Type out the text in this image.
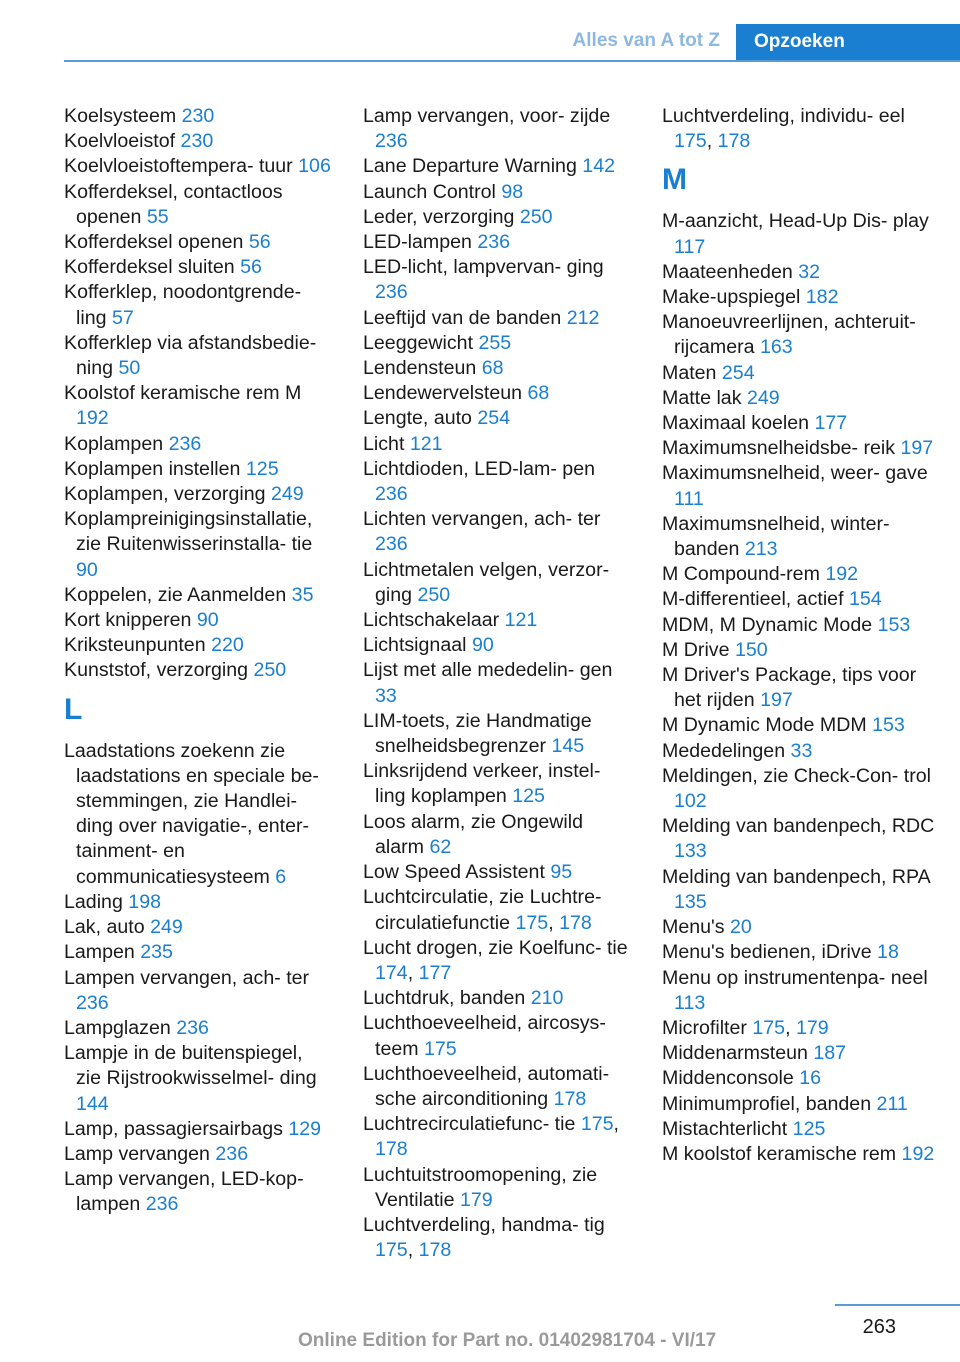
Alles van A tot Z	Opzoeken
Koelsysteem 230
Koelvloeistof 230
Koelvloeistoftempera‐ tuur 106
Kofferdeksel, contactloos openen 55
Kofferdeksel openen 56
Kofferdeksel sluiten 56
Kofferklep, noodontgrende‐ ling 57
Kofferklep via afstandsbedie‐ ning 50
Koolstof keramische rem M 192
Koplampen 236
Koplampen instellen 125
Koplampen, verzorging 249
Koplampreinigingsinstallatie, zie Ruitenwisserinstalla‐ tie 90
Koppelen, zie Aanmelden 35
Kort knipperen 90
Kriksteunpunten 220
Kunststof, verzorging 250
L
Laadstations zoekenn zie laadstations en speciale be‐ stemmingen, zie Handlei‐ ding over navigatie-, enter‐ tainment- en communicatiesysteem 6
Lading 198
Lak, auto 249
Lampen 235
Lampen vervangen, ach‐ ter 236
Lampglazen 236
Lampje in de buitenspiegel, zie Rijstrookwisselmel‐ ding 144
Lamp, passagiersairbags 129
Lamp vervangen 236
Lamp vervangen, LED-kop‐ lampen 236
Lamp vervangen, voor‐ zijde 236
Lane Departure Warning 142
Launch Control 98
Leder, verzorging 250
LED-lampen 236
LED-licht, lampvervan‐ ging 236
Leeftijd van de banden 212
Leeggewicht 255
Lendensteun 68
Lendewervelsteun 68
Lengte, auto 254
Licht 121
Lichtdioden, LED-lam‐ pen 236
Lichten vervangen, ach‐ ter 236
Lichtmetalen velgen, verzor‐ ging 250
Lichtschakelaar 121
Lichtsignaal 90
Lijst met alle mededelin‐ gen 33
LIM-toets, zie Handmatige snelheidsbegrenzer 145
Linksrijdend verkeer, instel‐ ling koplampen 125
Loos alarm, zie Ongewild alarm 62
Low Speed Assistent 95
Luchtcirculatie, zie Luchtre‐ circulatiefunctie 175, 178
Lucht drogen, zie Koelfunc‐ tie 174, 177
Luchtdruk, banden 210
Luchthoeveelheid, aircosys‐ teem 175
Luchthoeveelheid, automati‐ sche airconditioning 178
Luchtrecirculatiefunc‐ tie 175, 178
Luchtuitstroomopening, zie Ventilatie 179
Luchtverdeling, handma‐ tig 175, 178
Luchtverdeling, individu‐ eel 175, 178
M
M-aanzicht, Head-Up Dis‐ play 117
Maateenheden 32
Make-upspiegel 182
Manoeuvreerlijnen, achteruit‐ rijcamera 163
Maten 254
Matte lak 249
Maximaal koelen 177
Maximumsnelheidsbe‐ reik 197
Maximumsnelheid, weer‐ gave 111
Maximumsnelheid, winter‐ banden 213
M Compound-rem 192
M-differentieel, actief 154
MDM, M Dynamic Mode 153
M Drive 150
M Driver's Package, tips voor het rijden 197
M Dynamic Mode MDM 153
Mededelingen 33
Meldingen, zie Check-Con‐ trol 102
Melding van bandenpech, RDC 133
Melding van bandenpech, RPA 135
Menu's 20
Menu's bedienen, iDrive 18
Menu op instrumentenpa‐ neel 113
Microfilter 175, 179
Middenarmsteun 187
Middenconsole 16
Minimumprofiel, banden 211
Mistachterlicht 125
M koolstof keramische rem 192
263
Online Edition for Part no. 01402981704 - VI/17
